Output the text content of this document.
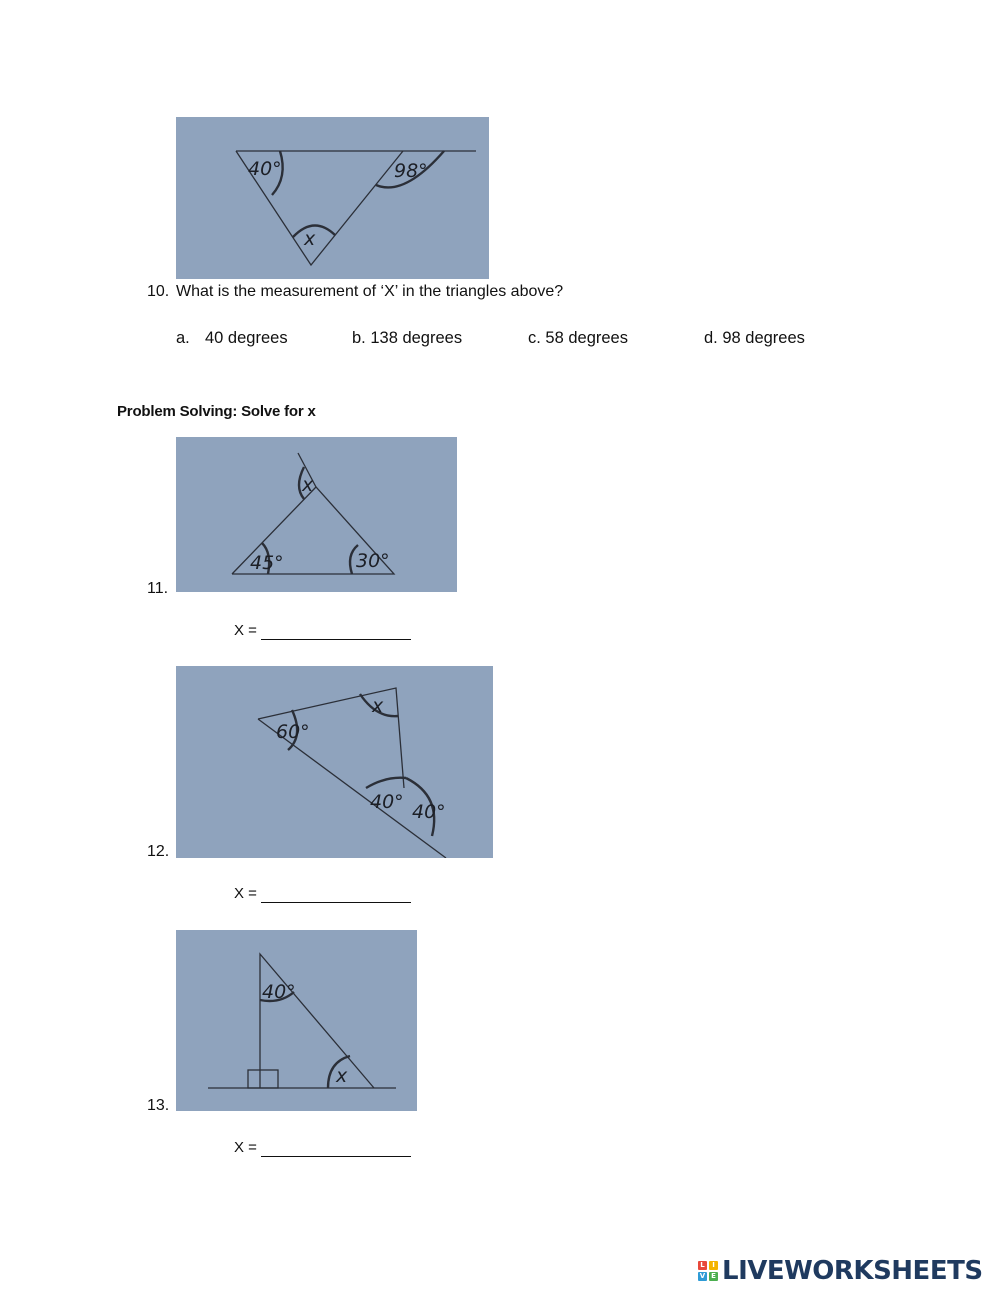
40°	98°
x
10. What is the measurement of ‘X’ in the triangles above?
a. 40 degrees	b. 138 degrees	c. 58 degrees	d. 98 degrees
Problem Solving: Solve for x
x
45°	30°
11.
X =
60°
x
40° 40°
12.
X =
40°
x
13.
X =
L	I
V E LIVEWORKSHEETS
